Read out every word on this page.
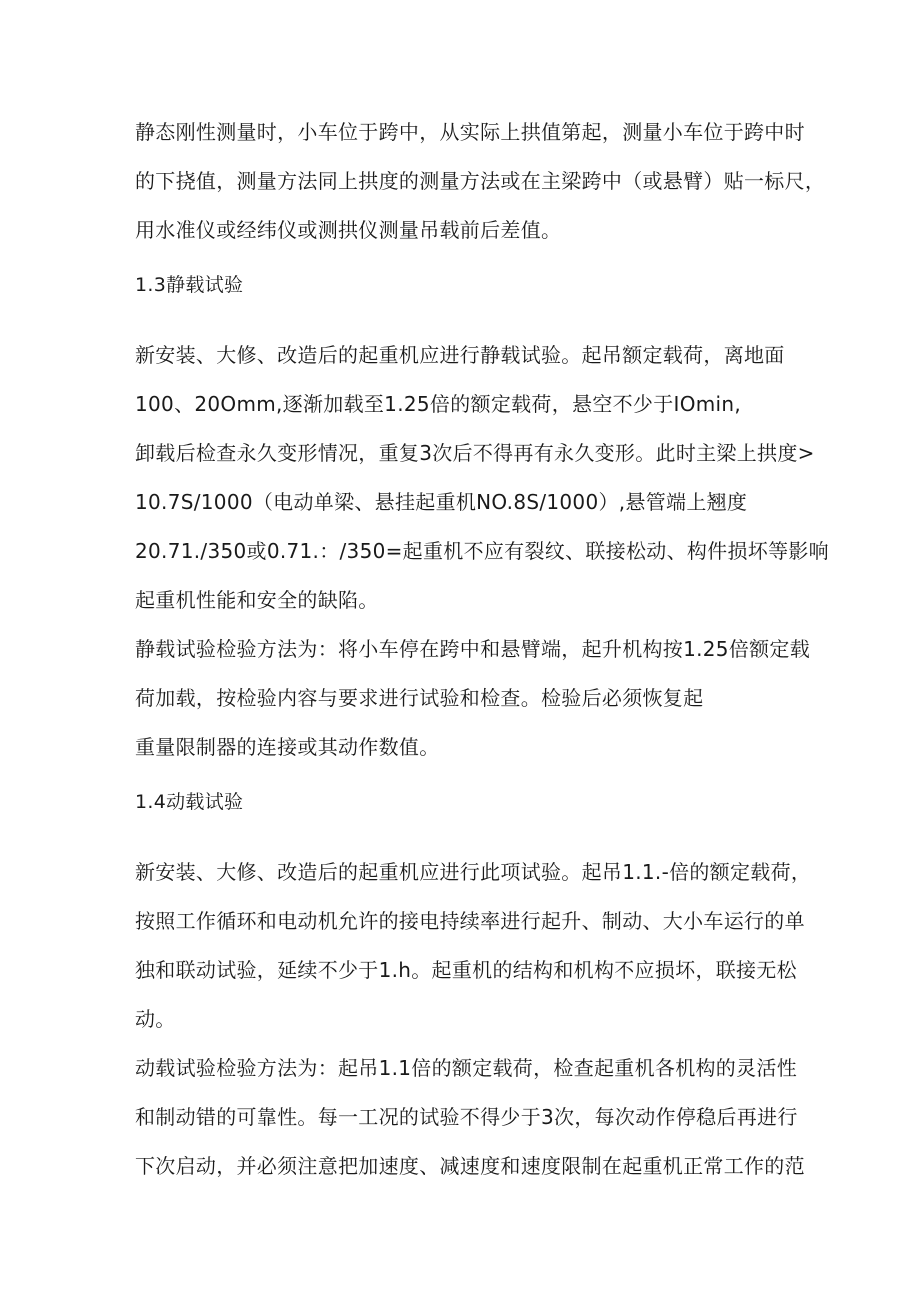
静态刚性测量时，小车位于跨中，从实际上拱值第起，测量小车位于跨中时
的下挠值，测量方法同上拱度的测量方法或在主梁跨中（或悬臂）贴一标尺，
用水准仪或经纬仪或测拱仪测量吊载前后差值。
1.3静载试验
新安装、大修、改造后的起重机应进行静载试验。起吊额定载荷，离地面
100、20Omm,逐渐加载至1.25倍的额定载荷，悬空不少于IOmin,
卸载后检查永久变形情况，重复3次后不得再有永久变形。此时主梁上拱度>
10.7S/1000（电动单梁、悬挂起重机NO.8S/1000）,悬管端上翘度
20.71./350或0.71.：/350=起重机不应有裂纹、联接松动、构件损坏等影响
起重机性能和安全的缺陷。
静载试验检验方法为：将小车停在跨中和悬臂端，起升机构按1.25倍额定载
荷加载，按检验内容与要求进行试验和检查。检验后必须恢复起
重量限制器的连接或其动作数值。
1.4动载试验
新安装、大修、改造后的起重机应进行此项试验。起吊1.1.-倍的额定载荷，
按照工作循环和电动机允许的接电持续率进行起升、制动、大小车运行的单
独和联动试验，延续不少于1.h。起重机的结构和机构不应损坏，联接无松
动。
动载试验检验方法为：起吊1.1倍的额定载荷，检查起重机各机构的灵活性
和制动错的可靠性。每一工况的试验不得少于3次，每次动作停稳后再进行
下次启动，并必须注意把加速度、减速度和速度限制在起重机正常工作的范
